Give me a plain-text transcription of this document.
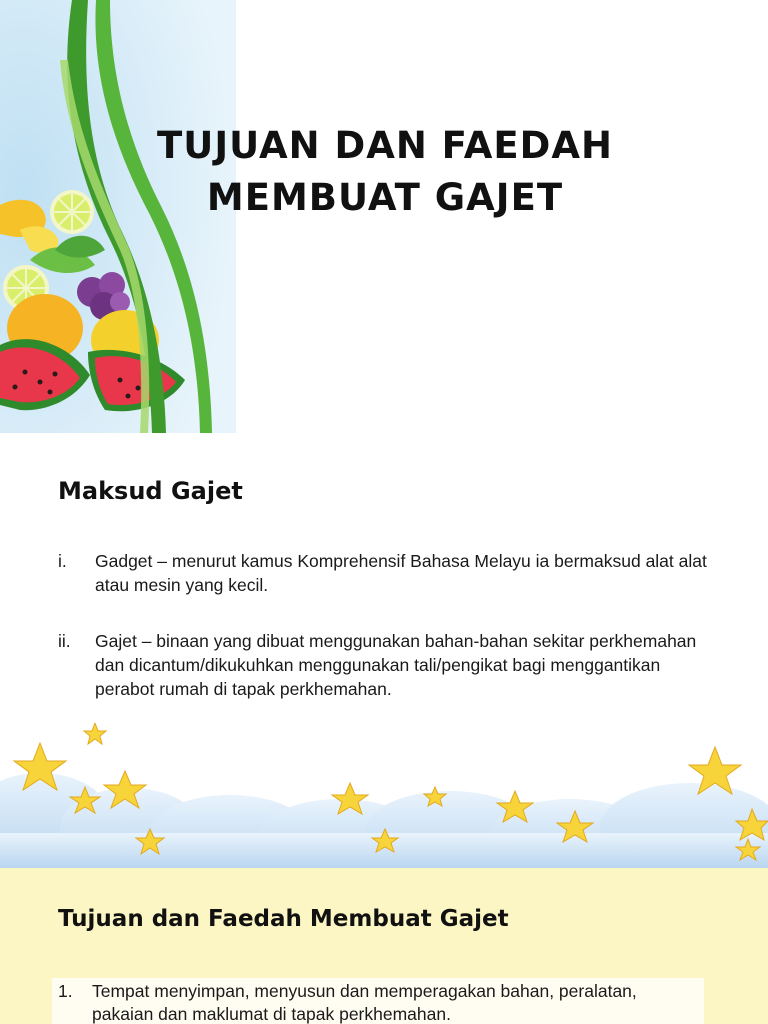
TUJUAN DAN FAEDAH
MEMBUAT GAJET
Maksud Gajet
i. Gadget – menurut kamus Komprehensif Bahasa Melayu ia bermaksud alat alat atau mesin yang kecil.
ii. Gajet – binaan yang dibuat menggunakan bahan-bahan sekitar perkhemahan dan dicantum/dikukuhkan menggunakan tali/pengikat bagi menggantikan perabot rumah di tapak perkhemahan.
Tujuan dan Faedah Membuat Gajet
1. Tempat menyimpan, menyusun dan memperagakan bahan, peralatan, pakaian dan maklumat di tapak perkhemahan.
